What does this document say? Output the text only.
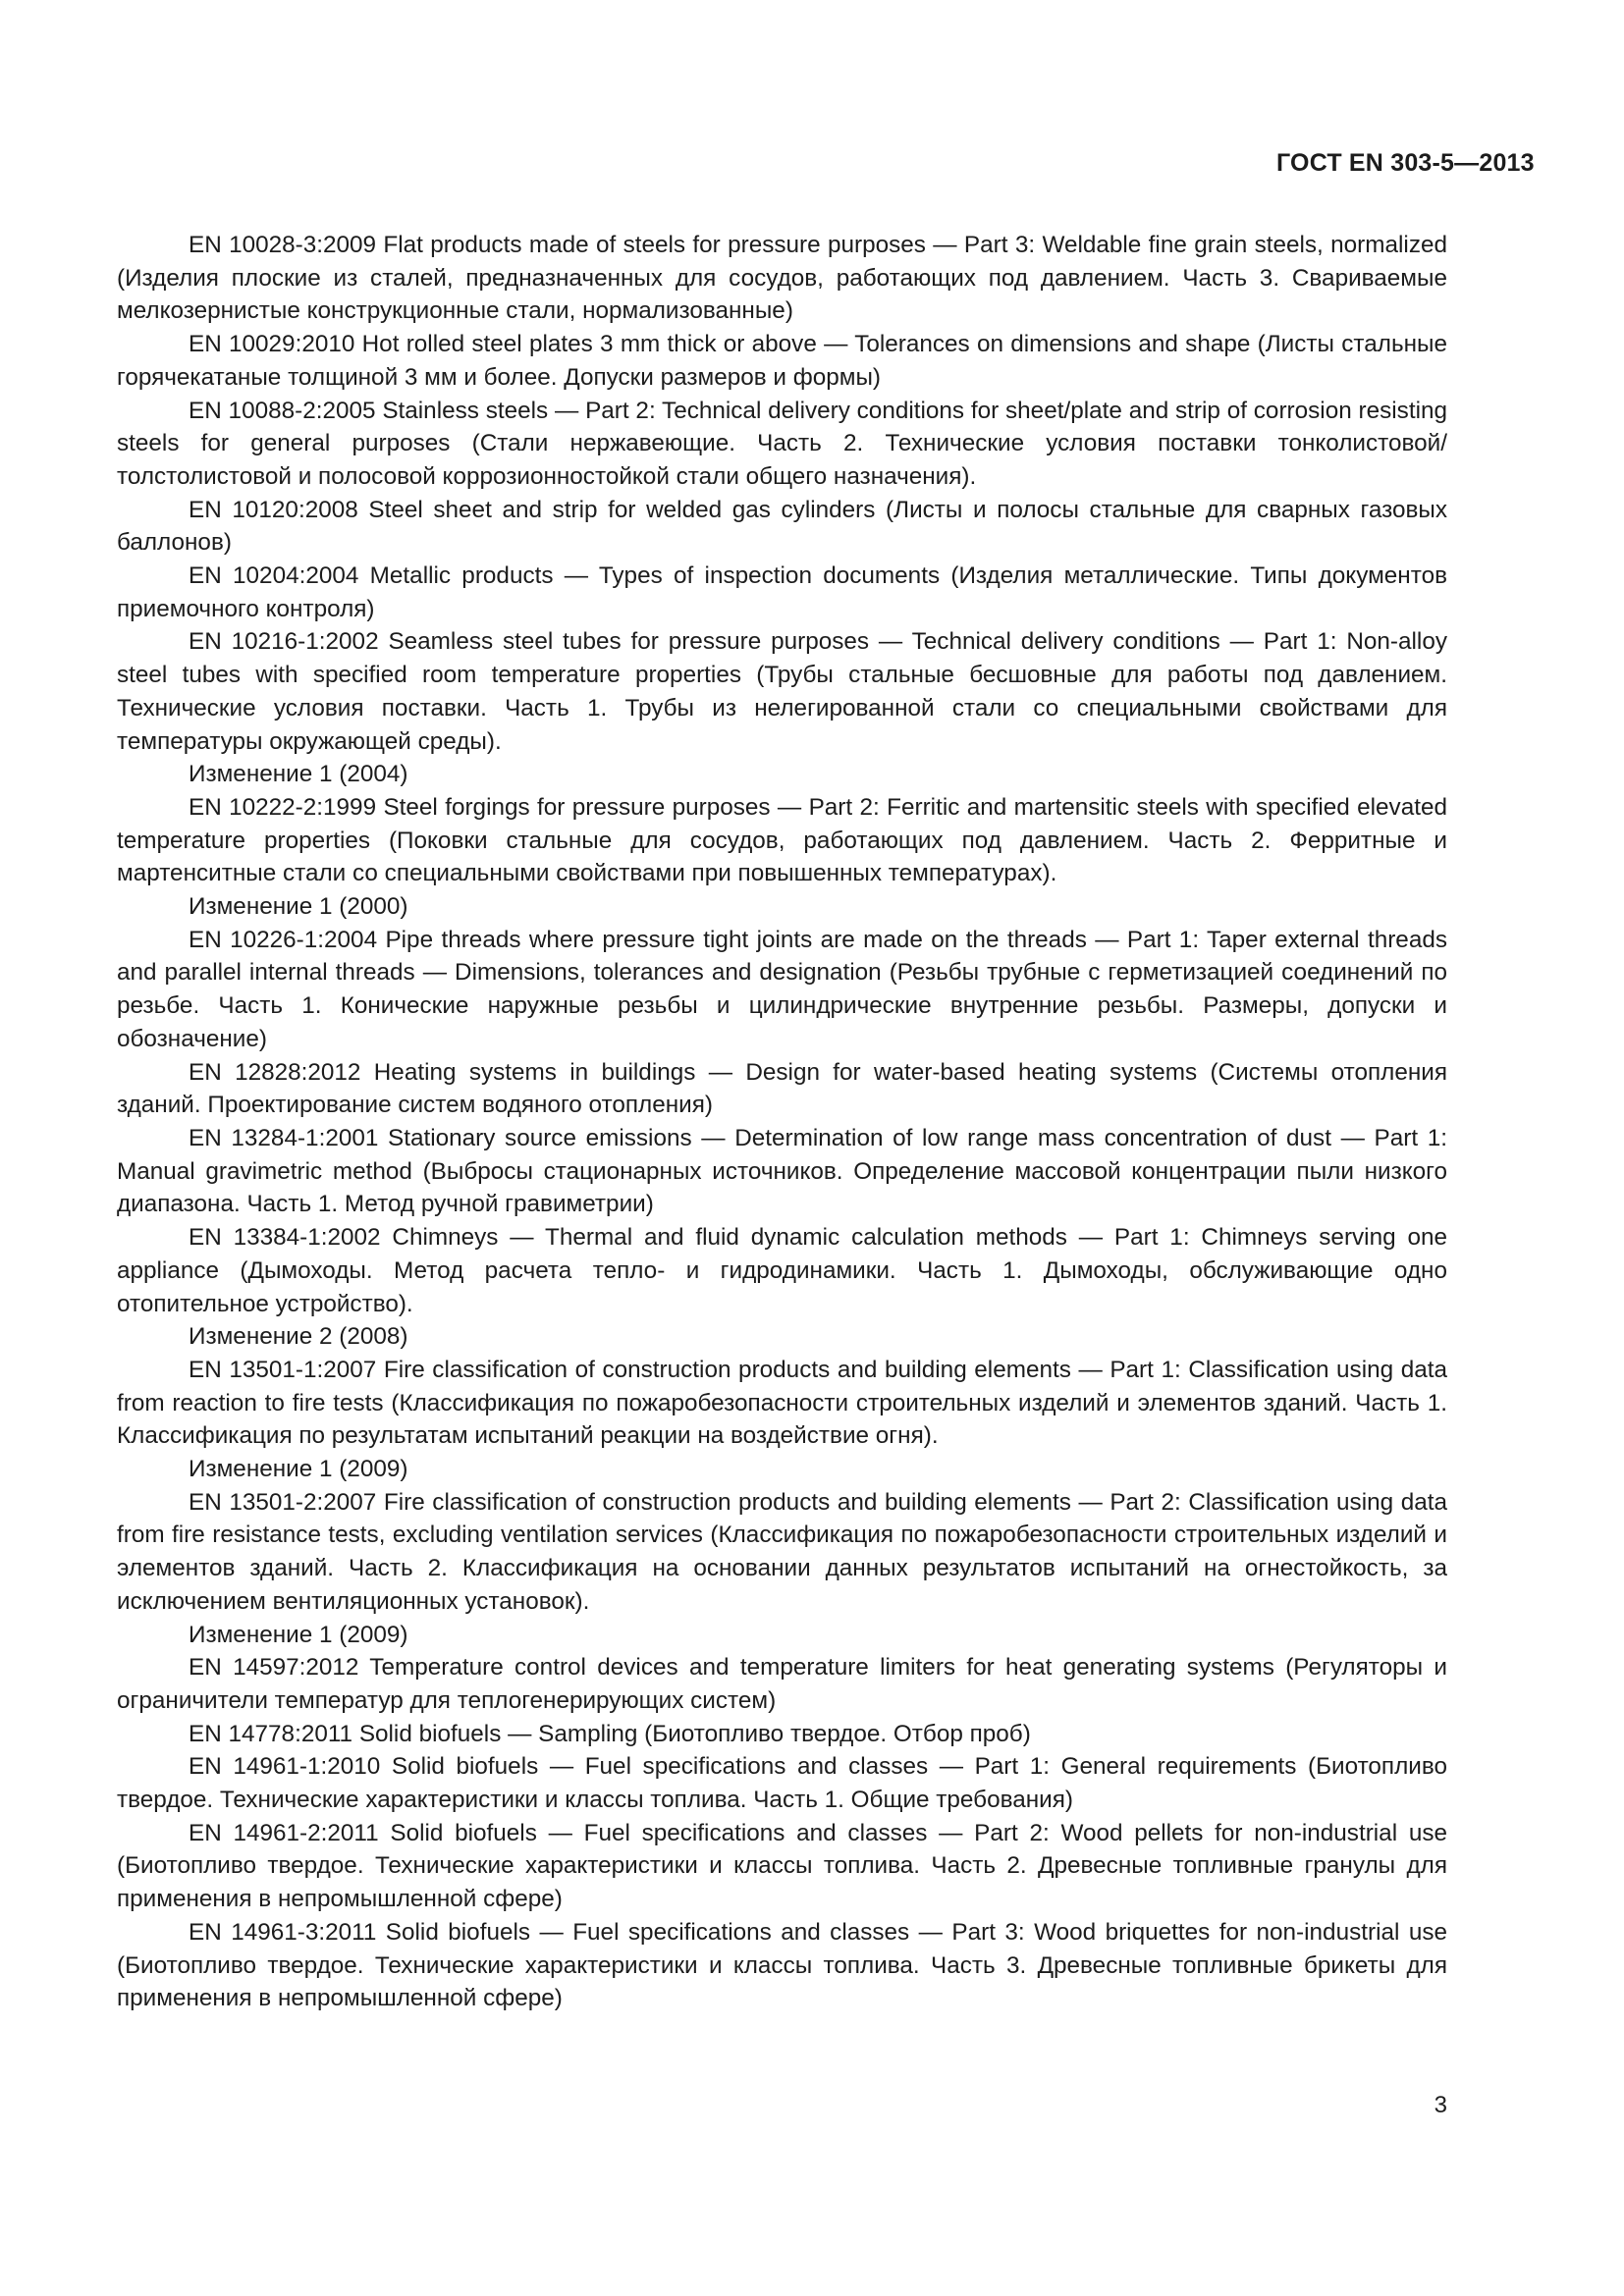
ГОСТ EN 303-5—2013

EN 10028-3:2009 Flat products made of steels for pressure purposes — Part 3: Weldable fine grain steels, normalized (Изделия плоские из сталей, предназначенных для сосудов, работающих под давлением. Часть 3. Свариваемые мелкозернистые конструкционные стали, нормализованные)

EN 10029:2010 Hot rolled steel plates 3 mm thick or above — Tolerances on dimensions and shape (Листы стальные горячекатаные толщиной 3 мм и более. Допуски размеров и формы)

EN 10088-2:2005 Stainless steels — Part 2: Technical delivery conditions for sheet/plate and strip of corrosion resisting steels for general purposes (Стали нержавеющие. Часть 2. Технические условия поставки тонколистовой/толстолистовой и полосовой коррозионностойкой стали общего назначения).

EN 10120:2008 Steel sheet and strip for welded gas cylinders (Листы и полосы стальные для сварных газовых баллонов)

EN 10204:2004 Metallic products — Types of inspection documents (Изделия металлические. Типы документов приемочного контроля)

EN 10216-1:2002 Seamless steel tubes for pressure purposes — Technical delivery conditions — Part 1: Non-alloy steel tubes with specified room temperature properties (Трубы стальные бесшовные для работы под давлением. Технические условия поставки. Часть 1. Трубы из нелегированной стали со специальными свойствами для температуры окружающей среды).

Изменение 1 (2004)

EN 10222-2:1999 Steel forgings for pressure purposes — Part 2: Ferritic and martensitic steels with specified elevated temperature properties (Поковки стальные для сосудов, работающих под давлением. Часть 2. Ферритные и мартенситные стали со специальными свойствами при повышенных температурах).

Изменение 1 (2000)

EN 10226-1:2004 Pipe threads where pressure tight joints are made on the threads — Part 1: Taper external threads and parallel internal threads — Dimensions, tolerances and designation (Резьбы трубные с герметизацией соединений по резьбе. Часть 1. Конические наружные резьбы и цилиндрические внутренние резьбы. Размеры, допуски и обозначение)

EN 12828:2012 Heating systems in buildings — Design for water-based heating systems (Системы отопления зданий. Проектирование систем водяного отопления)

EN 13284-1:2001 Stationary source emissions — Determination of low range mass concentration of dust — Part 1: Manual gravimetric method (Выбросы стационарных источников. Определение массовой концентрации пыли низкого диапазона. Часть 1. Метод ручной гравиметрии)

EN 13384-1:2002 Chimneys — Thermal and fluid dynamic calculation methods — Part 1: Chimneys serving one appliance (Дымоходы. Метод расчета тепло- и гидродинамики. Часть 1. Дымоходы, обслуживающие одно отопительное устройство).

Изменение 2 (2008)

EN 13501-1:2007 Fire classification of construction products and building elements — Part 1: Classification using data from reaction to fire tests (Классификация по пожаробезопасности строительных изделий и элементов зданий. Часть 1. Классификация по результатам испытаний реакции на воздействие огня).

Изменение 1 (2009)

EN 13501-2:2007 Fire classification of construction products and building elements — Part 2: Classification using data from fire resistance tests, excluding ventilation services (Классификация по пожаробезопасности строительных изделий и элементов зданий. Часть 2. Классификация на основании данных результатов испытаний на огнестойкость, за исключением вентиляционных установок).

Изменение 1 (2009)

EN 14597:2012 Temperature control devices and temperature limiters for heat generating systems (Регуляторы и ограничители температур для теплогенерирующих систем)

EN 14778:2011 Solid biofuels — Sampling (Биотопливо твердое. Отбор проб)

EN 14961-1:2010 Solid biofuels — Fuel specifications and classes — Part 1: General requirements (Биотопливо твердое. Технические характеристики и классы топлива. Часть 1. Общие требования)

EN 14961-2:2011 Solid biofuels — Fuel specifications and classes — Part 2: Wood pellets for non-industrial use (Биотопливо твердое. Технические характеристики и классы топлива. Часть 2. Древесные топливные гранулы для применения в непромышленной сфере)

EN 14961-3:2011 Solid biofuels — Fuel specifications and classes — Part 3: Wood briquettes for non-industrial use (Биотопливо твердое. Технические характеристики и классы топлива. Часть 3. Древесные топливные брикеты для применения в непромышленной сфере)

3
